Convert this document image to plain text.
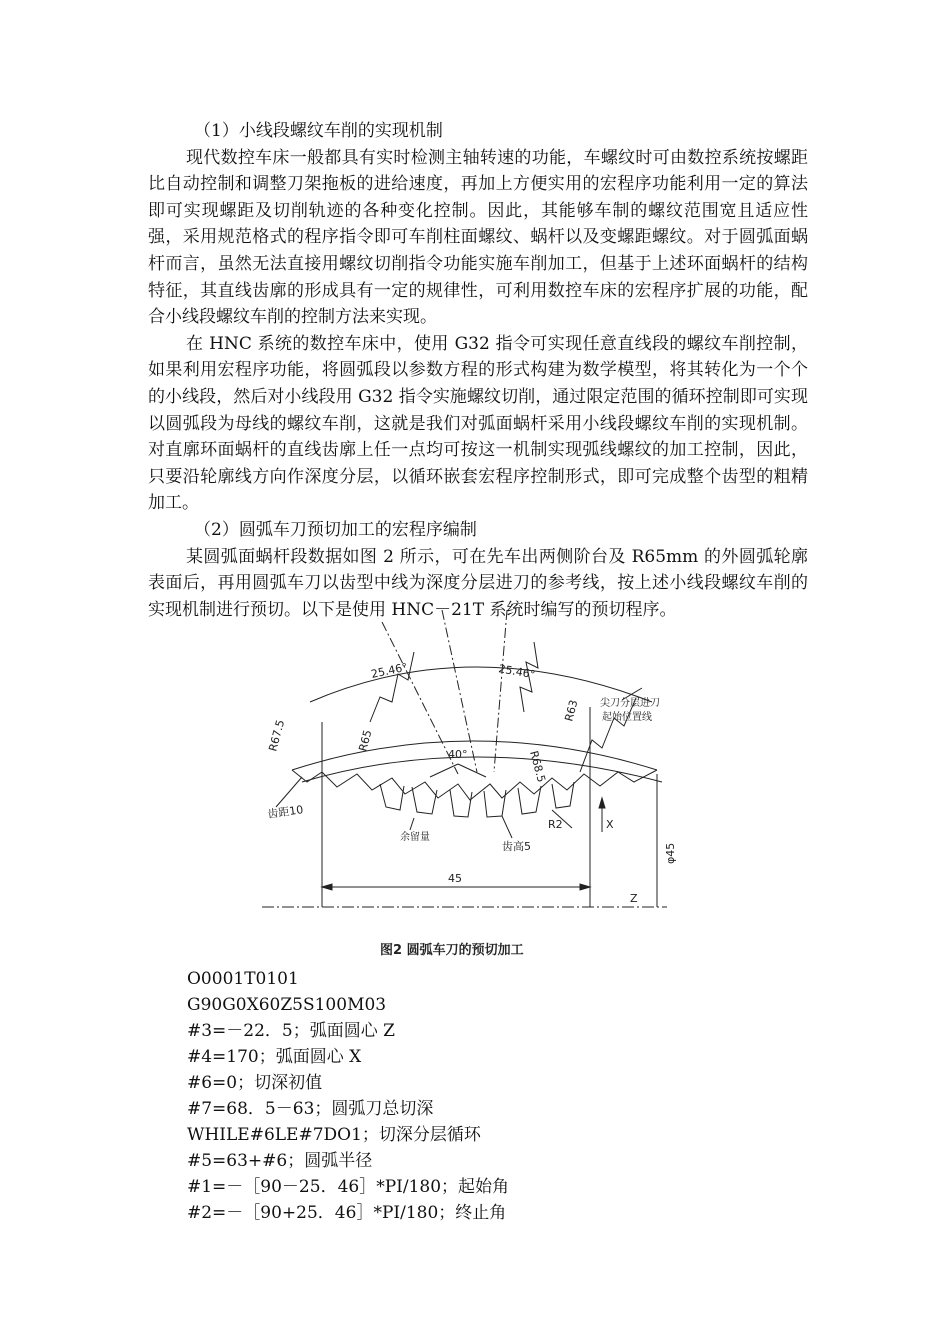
（1）小线段螺纹车削的实现机制

现代数控车床一般都具有实时检测主轴转速的功能，车螺纹时可由数控系统按螺距比自动控制和调整刀架拖板的进给速度，再加上方便实用的宏程序功能利用一定的算法即可实现螺距及切削轨迹的各种变化控制。因此，其能够车制的螺纹范围宽且适应性强，采用规范格式的程序指令即可车削柱面螺纹、蜗杆以及变螺距螺纹。对于圆弧面蜗杆而言，虽然无法直接用螺纹切削指令功能实施车削加工，但基于上述环面蜗杆的结构特征，其直线齿廓的形成具有一定的规律性，可利用数控车床的宏程序扩展的功能，配合小线段螺纹车削的控制方法来实现。

在 HNC 系统的数控车床中，使用 G32 指令可实现任意直线段的螺纹车削控制，如果利用宏程序功能，将圆弧段以参数方程的形式构建为数学模型，将其转化为一个个的小线段，然后对小线段用 G32 指令实施螺纹切削，通过限定范围的循环控制即可实现以圆弧段为母线的螺纹车削，这就是我们对弧面蜗杆采用小线段螺纹车削的实现机制。对直廓环面蜗杆的直线齿廓上任一点均可按这一机制实现弧线螺纹的加工控制，因此，只要沿轮廓线方向作深度分层，以循环嵌套宏程序控制形式，即可完成整个齿型的粗精加工。

（2）圆弧车刀预切加工的宏程序编制

某圆弧面蜗杆段数据如图 2 所示，可在先车出两侧阶台及 R65mm 的外圆弧轮廓表面后，再用圆弧车刀以齿型中线为深度分层进刀的参考线，按上述小线段螺纹车削的实现机制进行预切。以下是使用 HNC－21T 系统时编写的预切程序。

25.46°	25.46°
R67.5	R65
R68.5
R63
40°
齿距10
余留量
R2
齿高5
尖刀分层进刀
起始位置线
X
Z
45
φ45
图2 圆弧车刀的预切加工

O0001T0101

G90G0X60Z5S100M03

#3=－22．5；弧面圆心 Z

#4=170；弧面圆心 X

#6=0；切深初值

#7=68．5－63；圆弧刀总切深

WHILE#6LE#7DO1；切深分层循环

#5=63+#6；圆弧半径

#1=－［90－25．46］*PI/180；起始角

#2=－［90+25．46］*PI/180；终止角
